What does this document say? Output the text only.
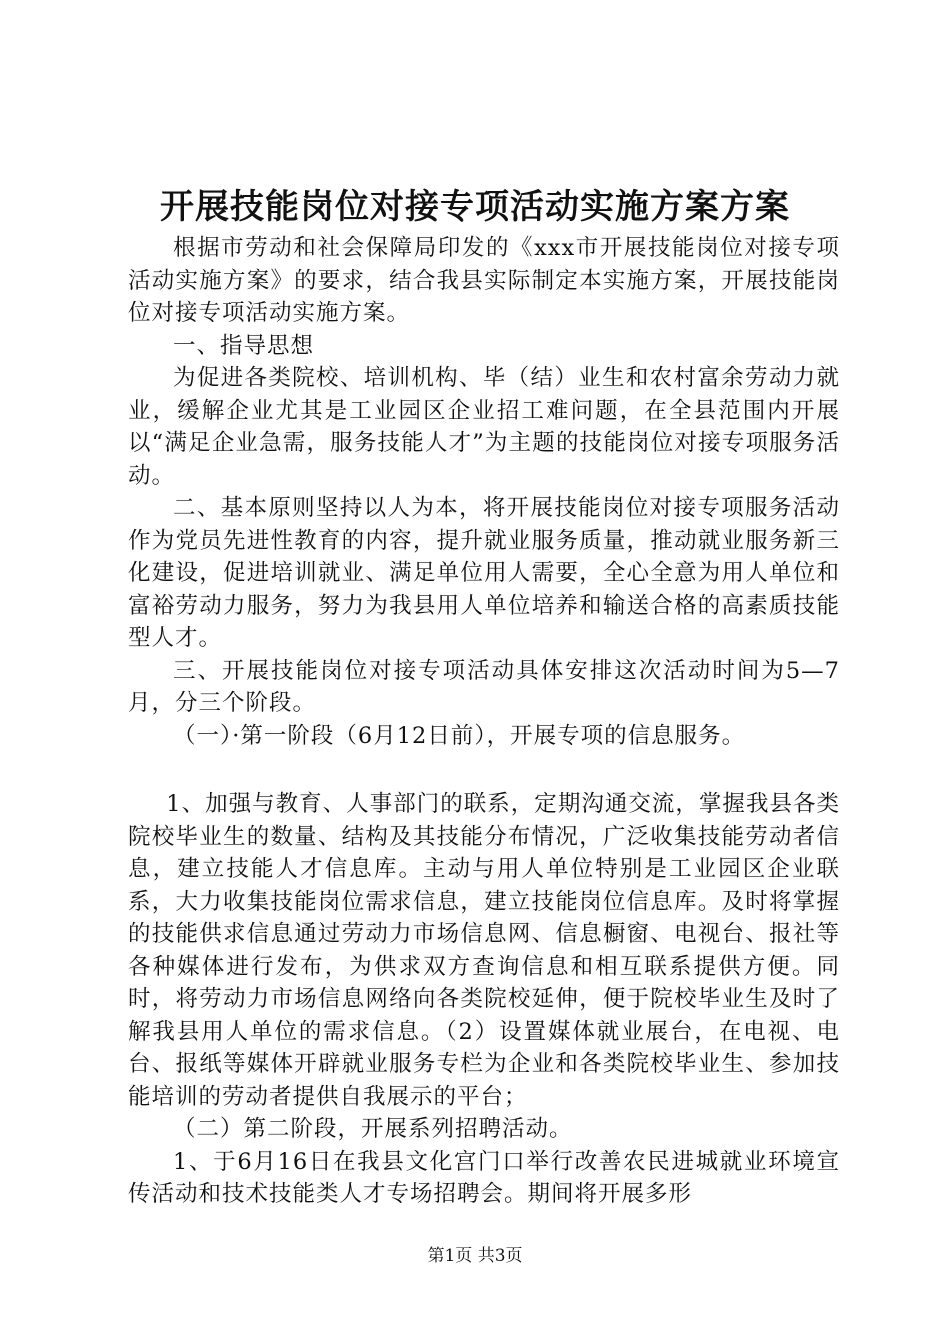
开展技能岗位对接专项活动实施方案方案

根据市劳动和社会保障局印发的《xxx市开展技能岗位对接专项活动实施方案》的要求，结合我县实际制定本实施方案，开展技能岗位对接专项活动实施方案。

一、指导思想

为促进各类院校、培训机构、毕（结）业生和农村富余劳动力就业，缓解企业尤其是工业园区企业招工难问题，在全县范围内开展以“满足企业急需，服务技能人才”为主题的技能岗位对接专项服务活动。

二、基本原则坚持以人为本，将开展技能岗位对接专项服务活动作为党员先进性教育的内容，提升就业服务质量，推动就业服务新三化建设，促进培训就业、满足单位用人需要，全心全意为用人单位和富裕劳动力服务，努力为我县用人单位培养和输送合格的高素质技能型人才。

三、开展技能岗位对接专项活动具体安排这次活动时间为5—7月，分三个阶段。

（一）·第一阶段（6月12日前），开展专项的信息服务。

1、加强与教育、人事部门的联系，定期沟通交流，掌握我县各类院校毕业生的数量、结构及其技能分布情况，广泛收集技能劳动者信息，建立技能人才信息库。主动与用人单位特别是工业园区企业联系，大力收集技能岗位需求信息，建立技能岗位信息库。及时将掌握的技能供求信息通过劳动力市场信息网、信息橱窗、电视台、报社等各种媒体进行发布，为供求双方查询信息和相互联系提供方便。同时，将劳动力市场信息网络向各类院校延伸，便于院校毕业生及时了解我县用人单位的需求信息。（2）设置媒体就业展台，在电视、电台、报纸等媒体开辟就业服务专栏为企业和各类院校毕业生、参加技能培训的劳动者提供自我展示的平台；

（二）第二阶段，开展系列招聘活动。

1、于6月16日在我县文化宫门口举行改善农民进城就业环境宣传活动和技术技能类人才专场招聘会。期间将开展多形

第1页 共3页
